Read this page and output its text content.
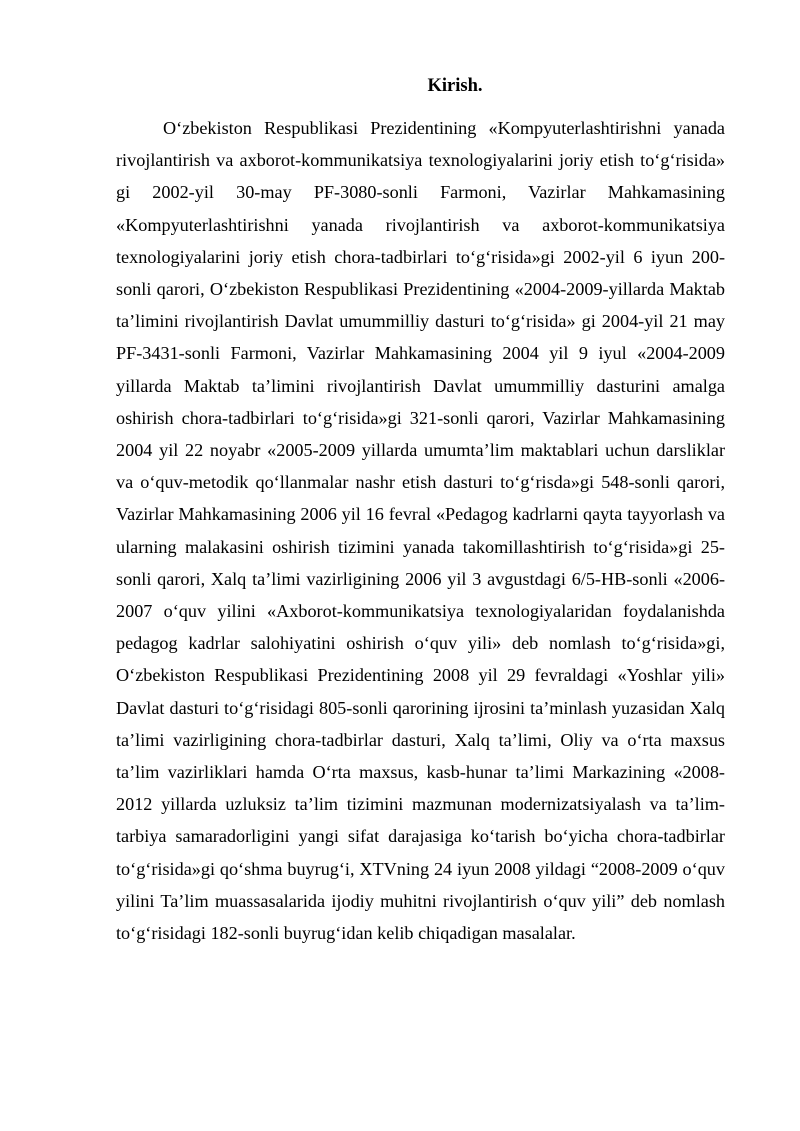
Kirish.

O‘zbekiston Respublikasi Prezidentining «Kompyuterlashtirishni yanada rivojlantirish va axborot-kommunikatsiya texnologiyalarini joriy etish to‘g‘risida» gi 2002-yil 30-may PF-3080-sonli Farmoni, Vazirlar Mahkamasining «Kompyuterlashtirishni yanada rivojlantirish va axborot-kommunikatsiya texnologiyalarini joriy etish chora-tadbirlari to‘g‘risida»gi 2002-yil 6 iyun 200-sonli qarori, O‘zbekiston Respublikasi Prezidentining «2004-2009-yillarda Maktab ta’limini rivojlantirish Davlat umummilliy dasturi to‘g‘risida» gi 2004-yil 21 may PF-3431-sonli Farmoni, Vazirlar Mahkamasining 2004 yil 9 iyul «2004-2009 yillarda Maktab ta’limini rivojlantirish Davlat umummilliy dasturini amalga oshirish chora-tadbirlari to‘g‘risida»gi 321-sonli qarori, Vazirlar Mahkamasining 2004 yil 22 noyabr «2005-2009 yillarda umumta’lim maktablari uchun darsliklar va o‘quv-metodik qo‘llanmalar nashr etish dasturi to‘g‘risda»gi 548-sonli qarori, Vazirlar Mahkamasining 2006 yil 16 fevral «Pedagog kadrlarni qayta tayyorlash va ularning malakasini oshirish tizimini yanada takomillashtirish to‘g‘risida»gi 25-sonli qarori, Xalq ta’limi vazirligining 2006 yil 3 avgustdagi 6/5-HB-sonli «2006-2007 o‘quv yilini «Axborot-kommunikatsiya texnologiyalaridan foydalanishda pedagog kadrlar salohiyatini oshirish o‘quv yili» deb nomlash to‘g‘risida»gi, O‘zbekiston Respublikasi Prezidentining 2008 yil 29 fevraldagi «Yoshlar yili» Davlat dasturi to‘g‘risidagi 805-sonli qarorining ijrosini ta’minlash yuzasidan Xalq ta’limi vazirligining chora-tadbirlar dasturi, Xalq ta’limi, Oliy va o‘rta maxsus ta’lim vazirliklari hamda O‘rta maxsus, kasb-hunar ta’limi Markazining «2008-2012 yillarda uzluksiz ta’lim tizimini mazmunan modernizatsiyalash va ta’lim-tarbiya samaradorligini yangi sifat darajasiga ko‘tarish bo‘yicha chora-tadbirlar to‘g‘risida»gi qo‘shma buyrug‘i, XTVning 24 iyun 2008 yildagi “2008-2009 o‘quv yilini Ta’lim muassasalarida ijodiy muhitni rivojlantirish o‘quv yili” deb nomlash to‘g‘risidagi 182-sonli buyrug‘idan kelib chiqadigan masalalar.
